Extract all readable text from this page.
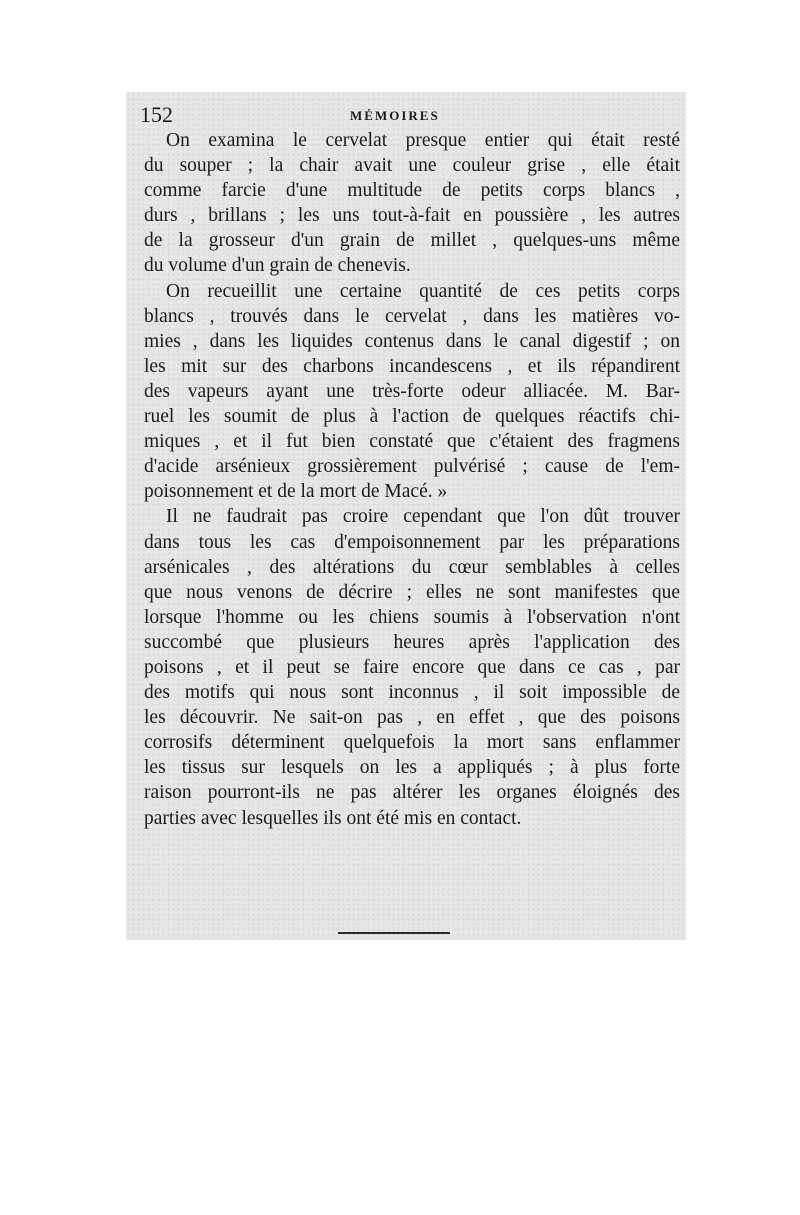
152	MÉMOIRES
On examina le cervelat presque entier qui était resté
du souper ; la chair avait une couleur grise , elle était
comme farcie d'une multitude de petits corps blancs ,
durs , brillans ; les uns tout-à-fait en poussière , les autres
de la grosseur d'un grain de millet , quelques-uns même
du volume d'un grain de chenevis.
On recueillit une certaine quantité de ces petits corps
blancs , trouvés dans le cervelat , dans les matières vo-
mies , dans les liquides contenus dans le canal digestif ; on
les mit sur des charbons incandescens , et ils répandirent
des vapeurs ayant une très-forte odeur alliacée. M. Bar-
ruel les soumit de plus à l'action de quelques réactifs chi-
miques , et il fut bien constaté que c'étaient des fragmens
d'acide arsénieux grossièrement pulvérisé ; cause de l'em-
poisonnement et de la mort de Macé. »
Il ne faudrait pas croire cependant que l'on dût trouver
dans tous les cas d'empoisonnement par les préparations
arsénicales , des altérations du cœur semblables à celles
que nous venons de décrire ; elles ne sont manifestes que
lorsque l'homme ou les chiens soumis à l'observation n'ont
succombé que plusieurs heures après l'application des
poisons , et il peut se faire encore que dans ce cas , par
des motifs qui nous sont inconnus , il soit impossible de
les découvrir. Ne sait-on pas , en effet , que des poisons
corrosifs déterminent quelquefois la mort sans enflammer
les tissus sur lesquels on les a appliqués ; à plus forte
raison pourront-ils ne pas altérer les organes éloignés des
parties avec lesquelles ils ont été mis en contact.
